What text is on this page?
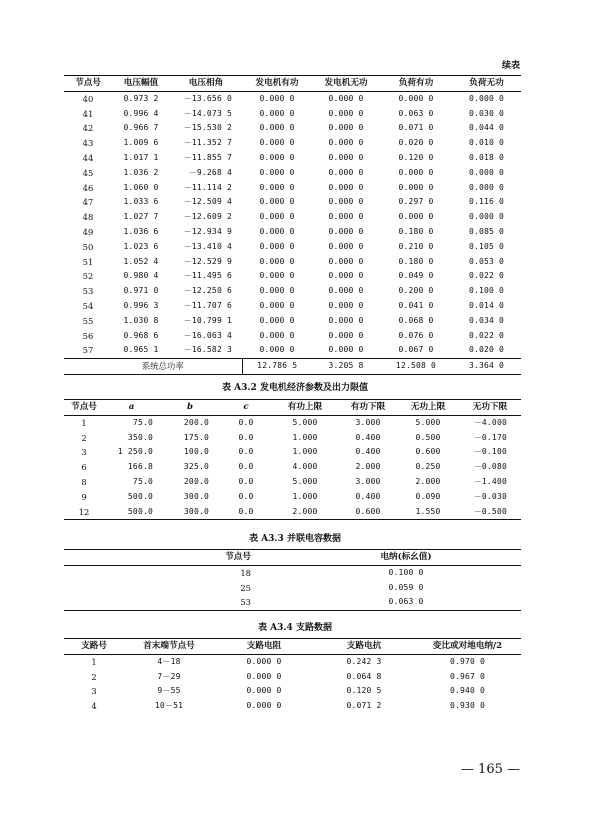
续表
节点号	电压幅值	电压相角	发电机有功	发电机无功	负荷有功	负荷无功
40	0.973 2	－13.656 0	0.000 0	0.000 0	0.000 0	0.000 0
41	0.996 4	－14.073 5	0.000 0	0.000 0	0.063 0	0.030 0
42	0.966 7	－15.530 2	0.000 0	0.000 0	0.071 0	0.044 0
43	1.009 6	－11.352 7	0.000 0	0.000 0	0.020 0	0.010 0
44	1.017 1	－11.855 7	0.000 0	0.000 0	0.120 0	0.018 0
45	1.036 2	－9.268 4	0.000 0	0.000 0	0.000 0	0.000 0
46	1.060 0	－11.114 2	0.000 0	0.000 0	0.000 0	0.000 0
47	1.033 6	－12.509 4	0.000 0	0.000 0	0.297 0	0.116 0
48	1.027 7	－12.609 2	0.000 0	0.000 0	0.000 0	0.000 0
49	1.036 6	－12.934 9	0.000 0	0.000 0	0.180 0	0.085 0
50	1.023 6	－13.410 4	0.000 0	0.000 0	0.210 0	0.105 0
51	1.052 4	－12.529 9	0.000 0	0.000 0	0.180 0	0.053 0
52	0.980 4	－11.495 6	0.000 0	0.000 0	0.049 0	0.022 0
53	0.971 0	－12.250 6	0.000 0	0.000 0	0.200 0	0.100 0
54	0.996 3	－11.707 6	0.000 0	0.000 0	0.041 0	0.014 0
55	1.030 8	－10.799 1	0.000 0	0.000 0	0.068 0	0.034 0
56	0.968 6	－16.063 4	0.000 0	0.000 0	0.076 0	0.022 0
57	0.965 1	－16.582 3	0.000 0	0.000 0	0.067 0	0.020 0
系统总功率			12.786 5	3.205 8	12.508 0	3.364 0
表 A3.2 发电机经济参数及出力限值
节点号	a	b	c	有功上限	有功下限	无功上限	无功下限
1	75.0	200.0	0.0	5.000	3.000	5.000	－4.000
2	350.0	175.0	0.0	1.000	0.400	0.500	－0.170
3	1 250.0	100.0	0.0	1.000	0.400	0.600	－0.100
6	166.8	325.0	0.0	4.000	2.000	0.250	－0.080
8	75.0	200.0	0.0	5.000	3.000	2.000	－1.400
9	500.0	300.0	0.0	1.000	0.400	0.090	－0.030
12	500.0	300.0	0.0	2.000	0.600	1.550	－0.500
表 A3.3 并联电容数据
节点号	电纳(标幺值)
18	0.100 0
25	0.059 0
53	0.063 0
表 A3.4 支路数据
支路号	首末端节点号	支路电阻	支路电抗	变比或对地电纳/2
1	4－18	0.000 0	0.242 3	0.970 0
2	7－29	0.000 0	0.064 8	0.967 0
3	9－55	0.000 0	0.120 5	0.940 0
4	10－51	0.000 0	0.071 2	0.930 0
— 165 —
